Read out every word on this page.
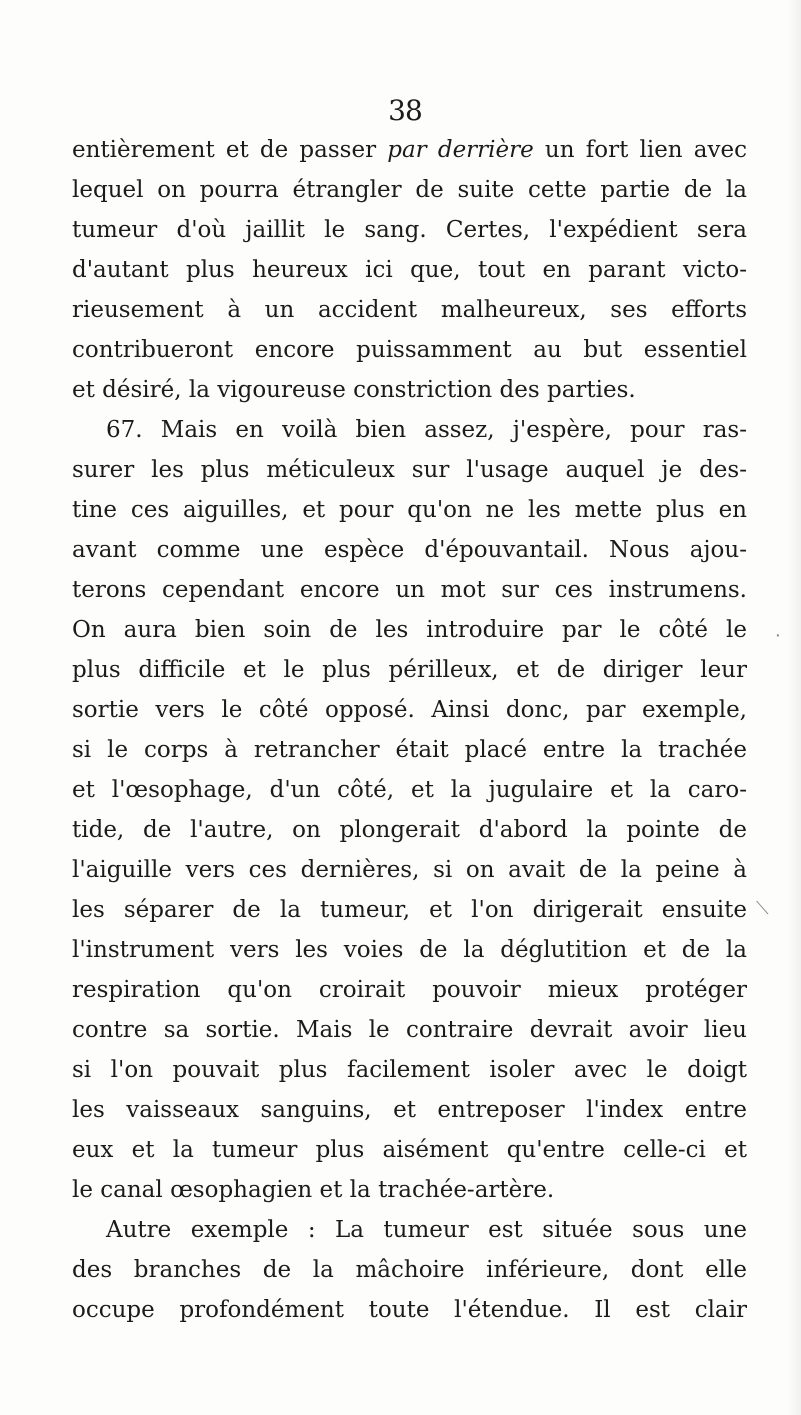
38
entièrement et de passer par derrière un fort lien avec
lequel on pourra étrangler de suite cette partie de la
tumeur d'où jaillit le sang. Certes, l'expédient sera
d'autant plus heureux ici que, tout en parant victo-
rieusement à un accident malheureux, ses efforts
contribueront encore puissamment au but essentiel
et désiré, la vigoureuse constriction des parties.
67. Mais en voilà bien assez, j'espère, pour ras-
surer les plus méticuleux sur l'usage auquel je des-
tine ces aiguilles, et pour qu'on ne les mette plus en
avant comme une espèce d'épouvantail. Nous ajou-
terons cependant encore un mot sur ces instrumens.
On aura bien soin de les introduire par le côté le
plus difficile et le plus périlleux, et de diriger leur
sortie vers le côté opposé. Ainsi donc, par exemple,
si le corps à retrancher était placé entre la trachée
et l'œsophage, d'un côté, et la jugulaire et la caro-
tide, de l'autre, on plongerait d'abord la pointe de
l'aiguille vers ces dernières, si on avait de la peine à
les séparer de la tumeur, et l'on dirigerait ensuite
l'instrument vers les voies de la déglutition et de la
respiration qu'on croirait pouvoir mieux protéger
contre sa sortie. Mais le contraire devrait avoir lieu
si l'on pouvait plus facilement isoler avec le doigt
les vaisseaux sanguins, et entreposer l'index entre
eux et la tumeur plus aisément qu'entre celle-ci et
le canal œsophagien et la trachée-artère.
Autre exemple : La tumeur est située sous une
des branches de la mâchoire inférieure, dont elle
occupe profondément toute l'étendue. Il est clair
⟍
‧
